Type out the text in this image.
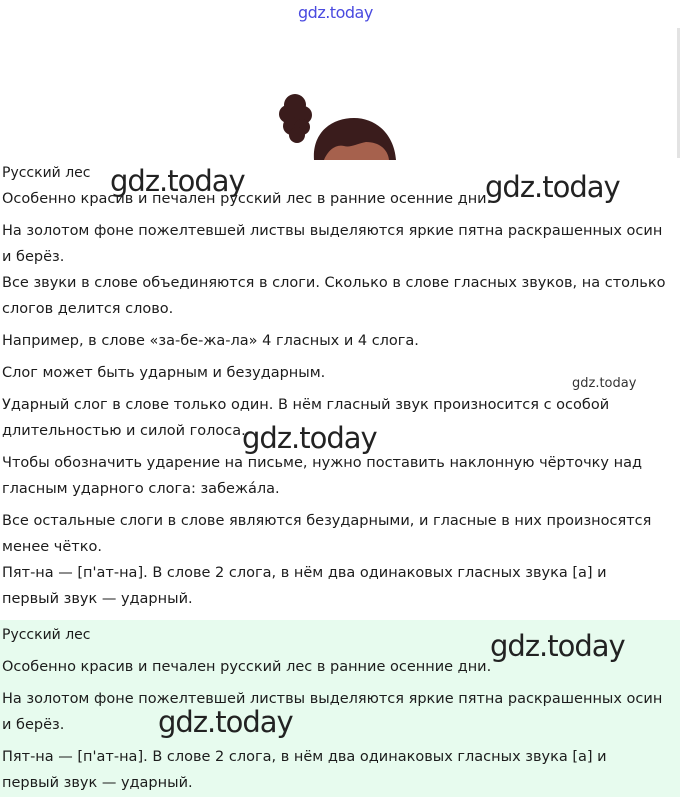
gdz.today

Русский лес

Особенно красив и печален русский лес в ранние осенние дни.

На золотом фоне пожелтевшей листвы выделяются яркие пятна раскрашенных осин и берёз.

Все звуки в слове объединяются в слоги. Сколько в слове гласных звуков, на столько слогов делится слово.

Например, в слове «за-бе-жа-ла» 4 гласных и 4 слога.

Слог может быть ударным и безударным.

Ударный слог в слове только один. В нём гласный звук произносится с особой длительностью и силой голоса.

Чтобы обозначить ударение на письме, нужно поставить наклонную чёрточку над гласным ударного слога: забежáла.

Все остальные слоги в слове являются безударными, и гласные в них произносятся менее чётко.

Пят-на — [п'ат-на]. В слове 2 слога, в нём два одинаковых гласных звука [а] и первый звук — ударный.

Русский лес

Особенно красив и печален русский лес в ранние осенние дни.

На золотом фоне пожелтевшей листвы выделяются яркие пятна раскрашенных осин и берёз.

Пят-на — [п'ат-на]. В слове 2 слога, в нём два одинаковых гласных звука [а] и первый звук — ударный.

gdz.today	gdz.today
gdz.today
gdz.today
gdz.today
gdz.today
